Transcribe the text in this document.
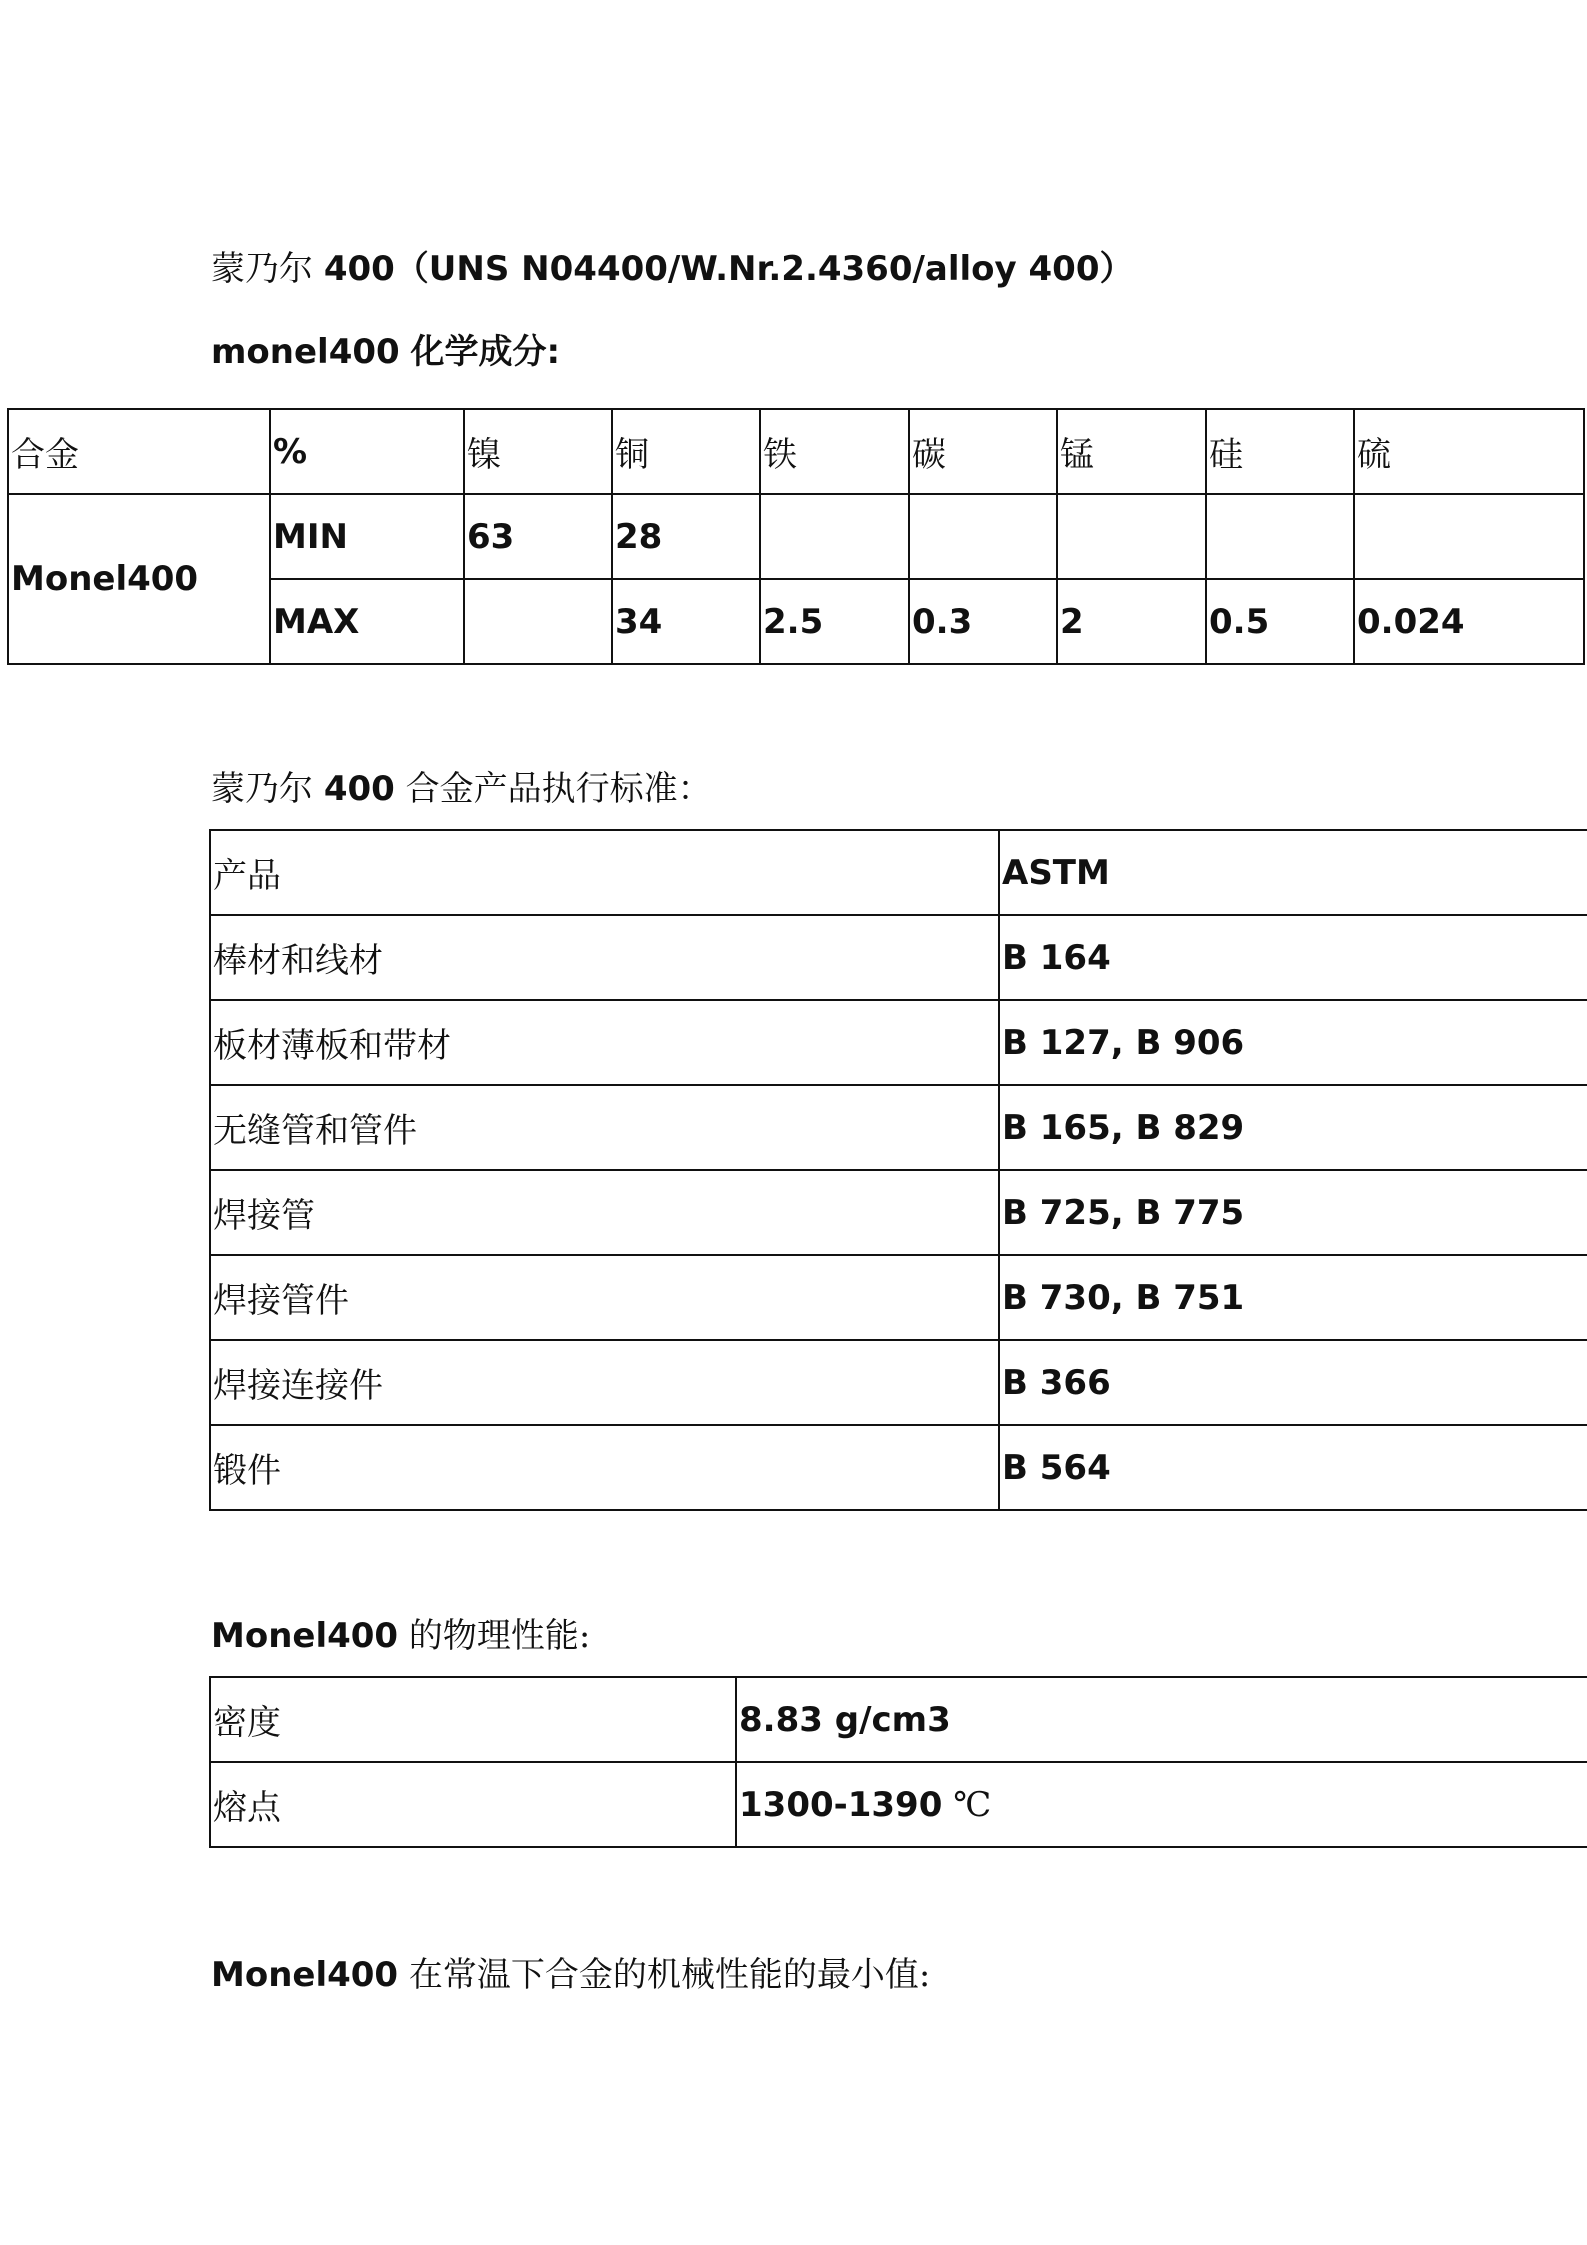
蒙乃尔 400（UNS N04400/W.Nr.2.4360/alloy 400）
monel400 化学成分:
合金	%	镍	铜	铁	碳	锰	硅	硫
Monel400	MIN	63	28					
	MAX		34	2.5	0.3	2	0.5	0.024
蒙乃尔 400 合金产品执行标准：
产品	ASTM
棒材和线材	B 164
板材薄板和带材	B 127, B 906
无缝管和管件	B 165, B 829
焊接管	B 725, B 775
焊接管件	B 730, B 751
焊接连接件	B 366
锻件	B 564
Monel400 的物理性能:
密度	8.83 g/cm3
熔点	1300-1390 ℃
Monel400 在常温下合金的机械性能的最小值:
